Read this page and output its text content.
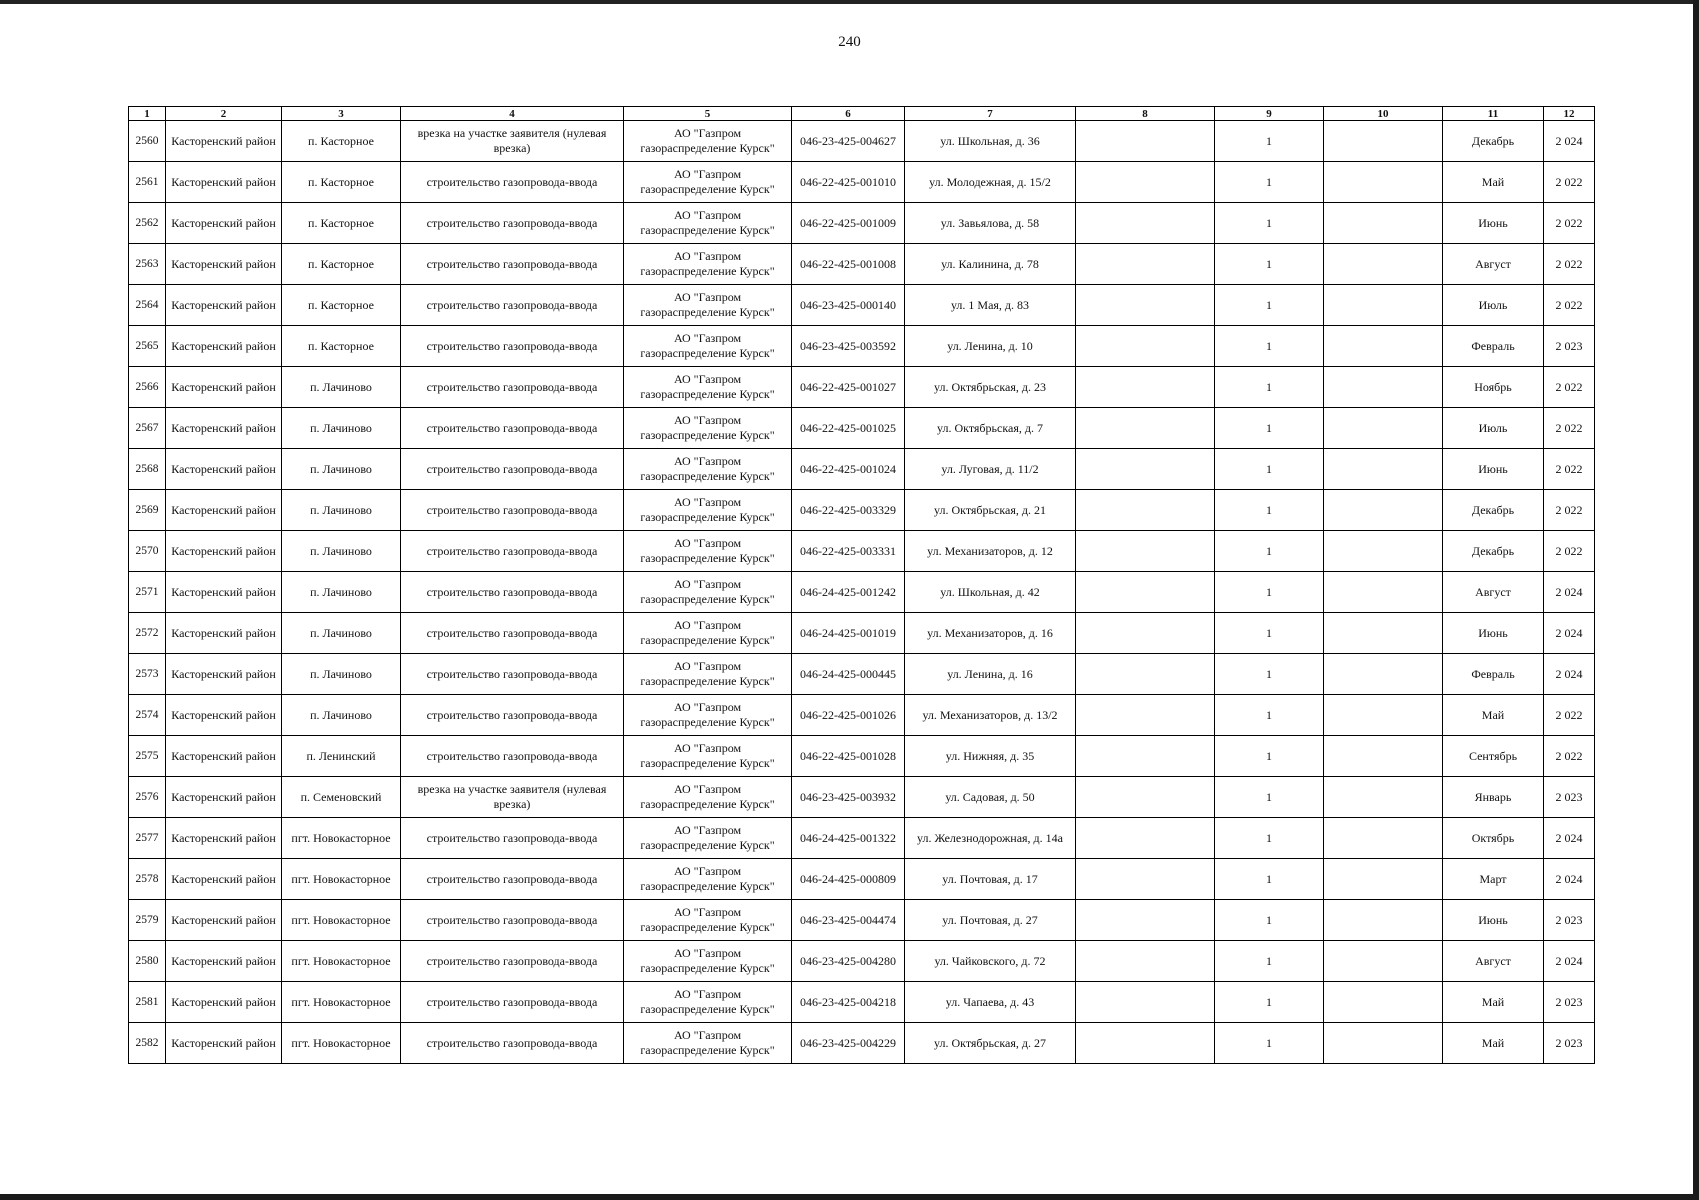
240
1	2	3	4	5	6	7	8	9	10	11	12
2560	Касторенский район	п. Касторное	врезка на участке заявителя (нулевая врезка)	АО "Газпром газораспределение Курск"	046-23-425-004627	ул. Школьная, д. 36		1		Декабрь	2 024
2561	Касторенский район	п. Касторное	строительство газопровода-ввода	АО "Газпром газораспределение Курск"	046-22-425-001010	ул. Молодежная, д. 15/2		1		Май	2 022
2562	Касторенский район	п. Касторное	строительство газопровода-ввода	АО "Газпром газораспределение Курск"	046-22-425-001009	ул. Завьялова, д. 58		1		Июнь	2 022
2563	Касторенский район	п. Касторное	строительство газопровода-ввода	АО "Газпром газораспределение Курск"	046-22-425-001008	ул. Калинина, д. 78		1		Август	2 022
2564	Касторенский район	п. Касторное	строительство газопровода-ввода	АО "Газпром газораспределение Курск"	046-23-425-000140	ул. 1 Мая, д. 83		1		Июль	2 022
2565	Касторенский район	п. Касторное	строительство газопровода-ввода	АО "Газпром газораспределение Курск"	046-23-425-003592	ул. Ленина, д. 10		1		Февраль	2 023
2566	Касторенский район	п. Лачиново	строительство газопровода-ввода	АО "Газпром газораспределение Курск"	046-22-425-001027	ул. Октябрьская, д. 23		1		Ноябрь	2 022
2567	Касторенский район	п. Лачиново	строительство газопровода-ввода	АО "Газпром газораспределение Курск"	046-22-425-001025	ул. Октябрьская, д. 7		1		Июль	2 022
2568	Касторенский район	п. Лачиново	строительство газопровода-ввода	АО "Газпром газораспределение Курск"	046-22-425-001024	ул. Луговая, д. 11/2		1		Июнь	2 022
2569	Касторенский район	п. Лачиново	строительство газопровода-ввода	АО "Газпром газораспределение Курск"	046-22-425-003329	ул. Октябрьская, д. 21		1		Декабрь	2 022
2570	Касторенский район	п. Лачиново	строительство газопровода-ввода	АО "Газпром газораспределение Курск"	046-22-425-003331	ул. Механизаторов, д. 12		1		Декабрь	2 022
2571	Касторенский район	п. Лачиново	строительство газопровода-ввода	АО "Газпром газораспределение Курск"	046-24-425-001242	ул. Школьная, д. 42		1		Август	2 024
2572	Касторенский район	п. Лачиново	строительство газопровода-ввода	АО "Газпром газораспределение Курск"	046-24-425-001019	ул. Механизаторов, д. 16		1		Июнь	2 024
2573	Касторенский район	п. Лачиново	строительство газопровода-ввода	АО "Газпром газораспределение Курск"	046-24-425-000445	ул. Ленина, д. 16		1		Февраль	2 024
2574	Касторенский район	п. Лачиново	строительство газопровода-ввода	АО "Газпром газораспределение Курск"	046-22-425-001026	ул. Механизаторов, д. 13/2		1		Май	2 022
2575	Касторенский район	п. Ленинский	строительство газопровода-ввода	АО "Газпром газораспределение Курск"	046-22-425-001028	ул. Нижняя, д. 35		1		Сентябрь	2 022
2576	Касторенский район	п. Семеновский	врезка на участке заявителя (нулевая врезка)	АО "Газпром газораспределение Курск"	046-23-425-003932	ул. Садовая, д. 50		1		Январь	2 023
2577	Касторенский район	пгт. Новокасторное	строительство газопровода-ввода	АО "Газпром газораспределение Курск"	046-24-425-001322	ул. Железнодорожная, д. 14а		1		Октябрь	2 024
2578	Касторенский район	пгт. Новокасторное	строительство газопровода-ввода	АО "Газпром газораспределение Курск"	046-24-425-000809	ул. Почтовая, д. 17		1		Март	2 024
2579	Касторенский район	пгт. Новокасторное	строительство газопровода-ввода	АО "Газпром газораспределение Курск"	046-23-425-004474	ул. Почтовая, д. 27		1		Июнь	2 023
2580	Касторенский район	пгт. Новокасторное	строительство газопровода-ввода	АО "Газпром газораспределение Курск"	046-23-425-004280	ул. Чайковского, д. 72		1		Август	2 024
2581	Касторенский район	пгт. Новокасторное	строительство газопровода-ввода	АО "Газпром газораспределение Курск"	046-23-425-004218	ул. Чапаева, д. 43		1		Май	2 023
2582	Касторенский район	пгт. Новокасторное	строительство газопровода-ввода	АО "Газпром газораспределение Курск"	046-23-425-004229	ул. Октябрьская, д. 27		1		Май	2 023
